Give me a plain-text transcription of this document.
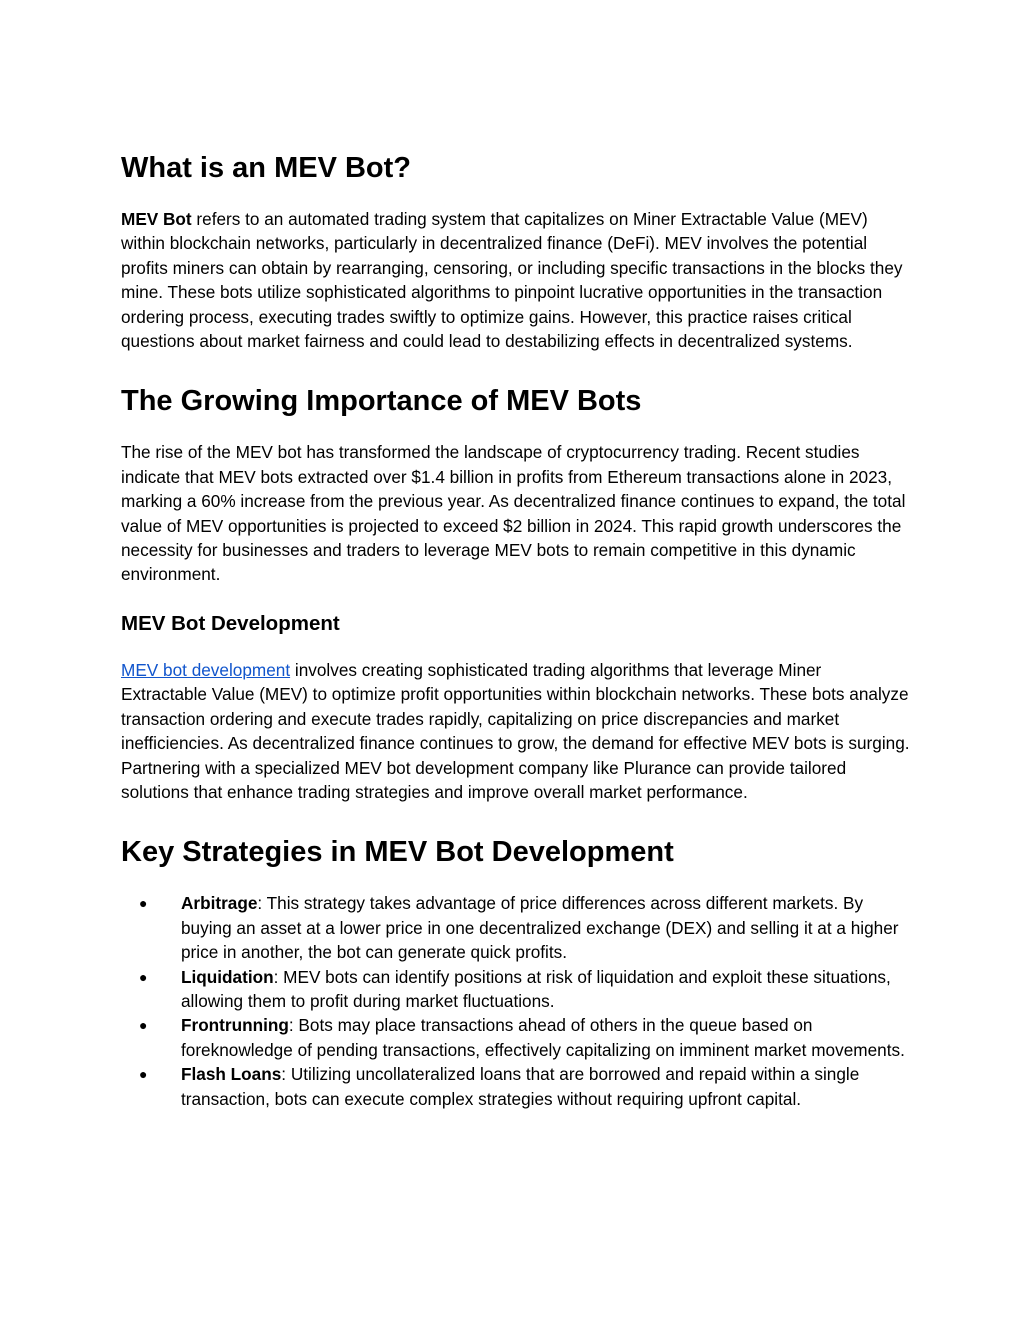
What is an MEV Bot?

MEV Bot refers to an automated trading system that capitalizes on Miner Extractable Value (MEV) within blockchain networks, particularly in decentralized finance (DeFi). MEV involves the potential profits miners can obtain by rearranging, censoring, or including specific transactions in the blocks they mine. These bots utilize sophisticated algorithms to pinpoint lucrative opportunities in the transaction ordering process, executing trades swiftly to optimize gains. However, this practice raises critical questions about market fairness and could lead to destabilizing effects in decentralized systems.

The Growing Importance of MEV Bots

The rise of the MEV bot has transformed the landscape of cryptocurrency trading. Recent studies indicate that MEV bots extracted over $1.4 billion in profits from Ethereum transactions alone in 2023, marking a 60% increase from the previous year. As decentralized finance continues to expand, the total value of MEV opportunities is projected to exceed $2 billion in 2024. This rapid growth underscores the necessity for businesses and traders to leverage MEV bots to remain competitive in this dynamic environment.

MEV Bot Development

MEV bot development involves creating sophisticated trading algorithms that leverage Miner Extractable Value (MEV) to optimize profit opportunities within blockchain networks. These bots analyze transaction ordering and execute trades rapidly, capitalizing on price discrepancies and market inefficiencies. As decentralized finance continues to grow, the demand for effective MEV bots is surging. Partnering with a specialized MEV bot development company like Plurance can provide tailored solutions that enhance trading strategies and improve overall market performance.

Key Strategies in MEV Bot Development
● Arbitrage: This strategy takes advantage of price differences across different markets. By buying an asset at a lower price in one decentralized exchange (DEX) and selling it at a higher price in another, the bot can generate quick profits.
● Liquidation: MEV bots can identify positions at risk of liquidation and exploit these situations, allowing them to profit during market fluctuations.
● Frontrunning: Bots may place transactions ahead of others in the queue based on foreknowledge of pending transactions, effectively capitalizing on imminent market movements.
● Flash Loans: Utilizing uncollateralized loans that are borrowed and repaid within a single transaction, bots can execute complex strategies without requiring upfront capital.
